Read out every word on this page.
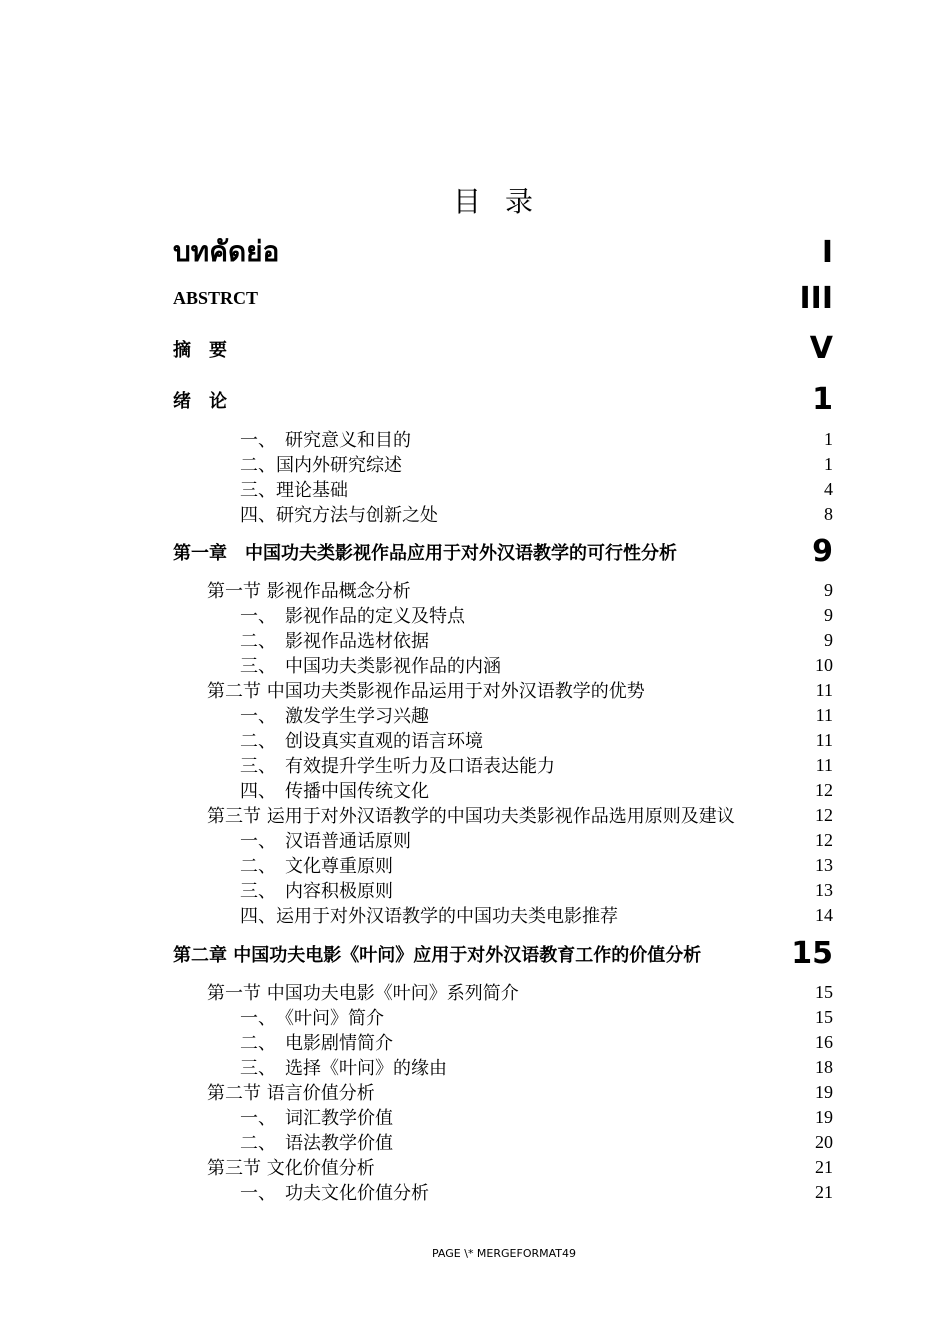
目录
บทคัดย่อ	I
ABSTRCT	III
摘　要	V
绪　论	1
一、　研究意义和目的	1
二、国内外研究综述	1
三、理论基础	4
四、研究方法与创新之处	8
第一章　中国功夫类影视作品应用于对外汉语教学的可行性分析	9
第一节 影视作品概念分析	9
一、　影视作品的定义及特点	9
二、　影视作品选材依据	9
三、　中国功夫类影视作品的内涵	10
第二节 中国功夫类影视作品运用于对外汉语教学的优势	11
一、　激发学生学习兴趣	11
二、　创设真实直观的语言环境	11
三、　有效提升学生听力及口语表达能力	11
四、　传播中国传统文化	12
第三节 运用于对外汉语教学的中国功夫类影视作品选用原则及建议	12
一、　汉语普通话原则	12
二、　文化尊重原则	13
三、　内容积极原则	13
四、运用于对外汉语教学的中国功夫类电影推荐	14
第二章 中国功夫电影《叶问》应用于对外汉语教育工作的价值分析	15
第一节 中国功夫电影《叶问》系列简介	15
一、　《叶问》简介	15
二、　电影剧情简介	16
三、　选择《叶问》的缘由	18
第二节 语言价值分析	19
一、　词汇教学价值	19
二、　语法教学价值	20
第三节 文化价值分析	21
一、　功夫文化价值分析	21
PAGE \* MERGEFORMAT49
